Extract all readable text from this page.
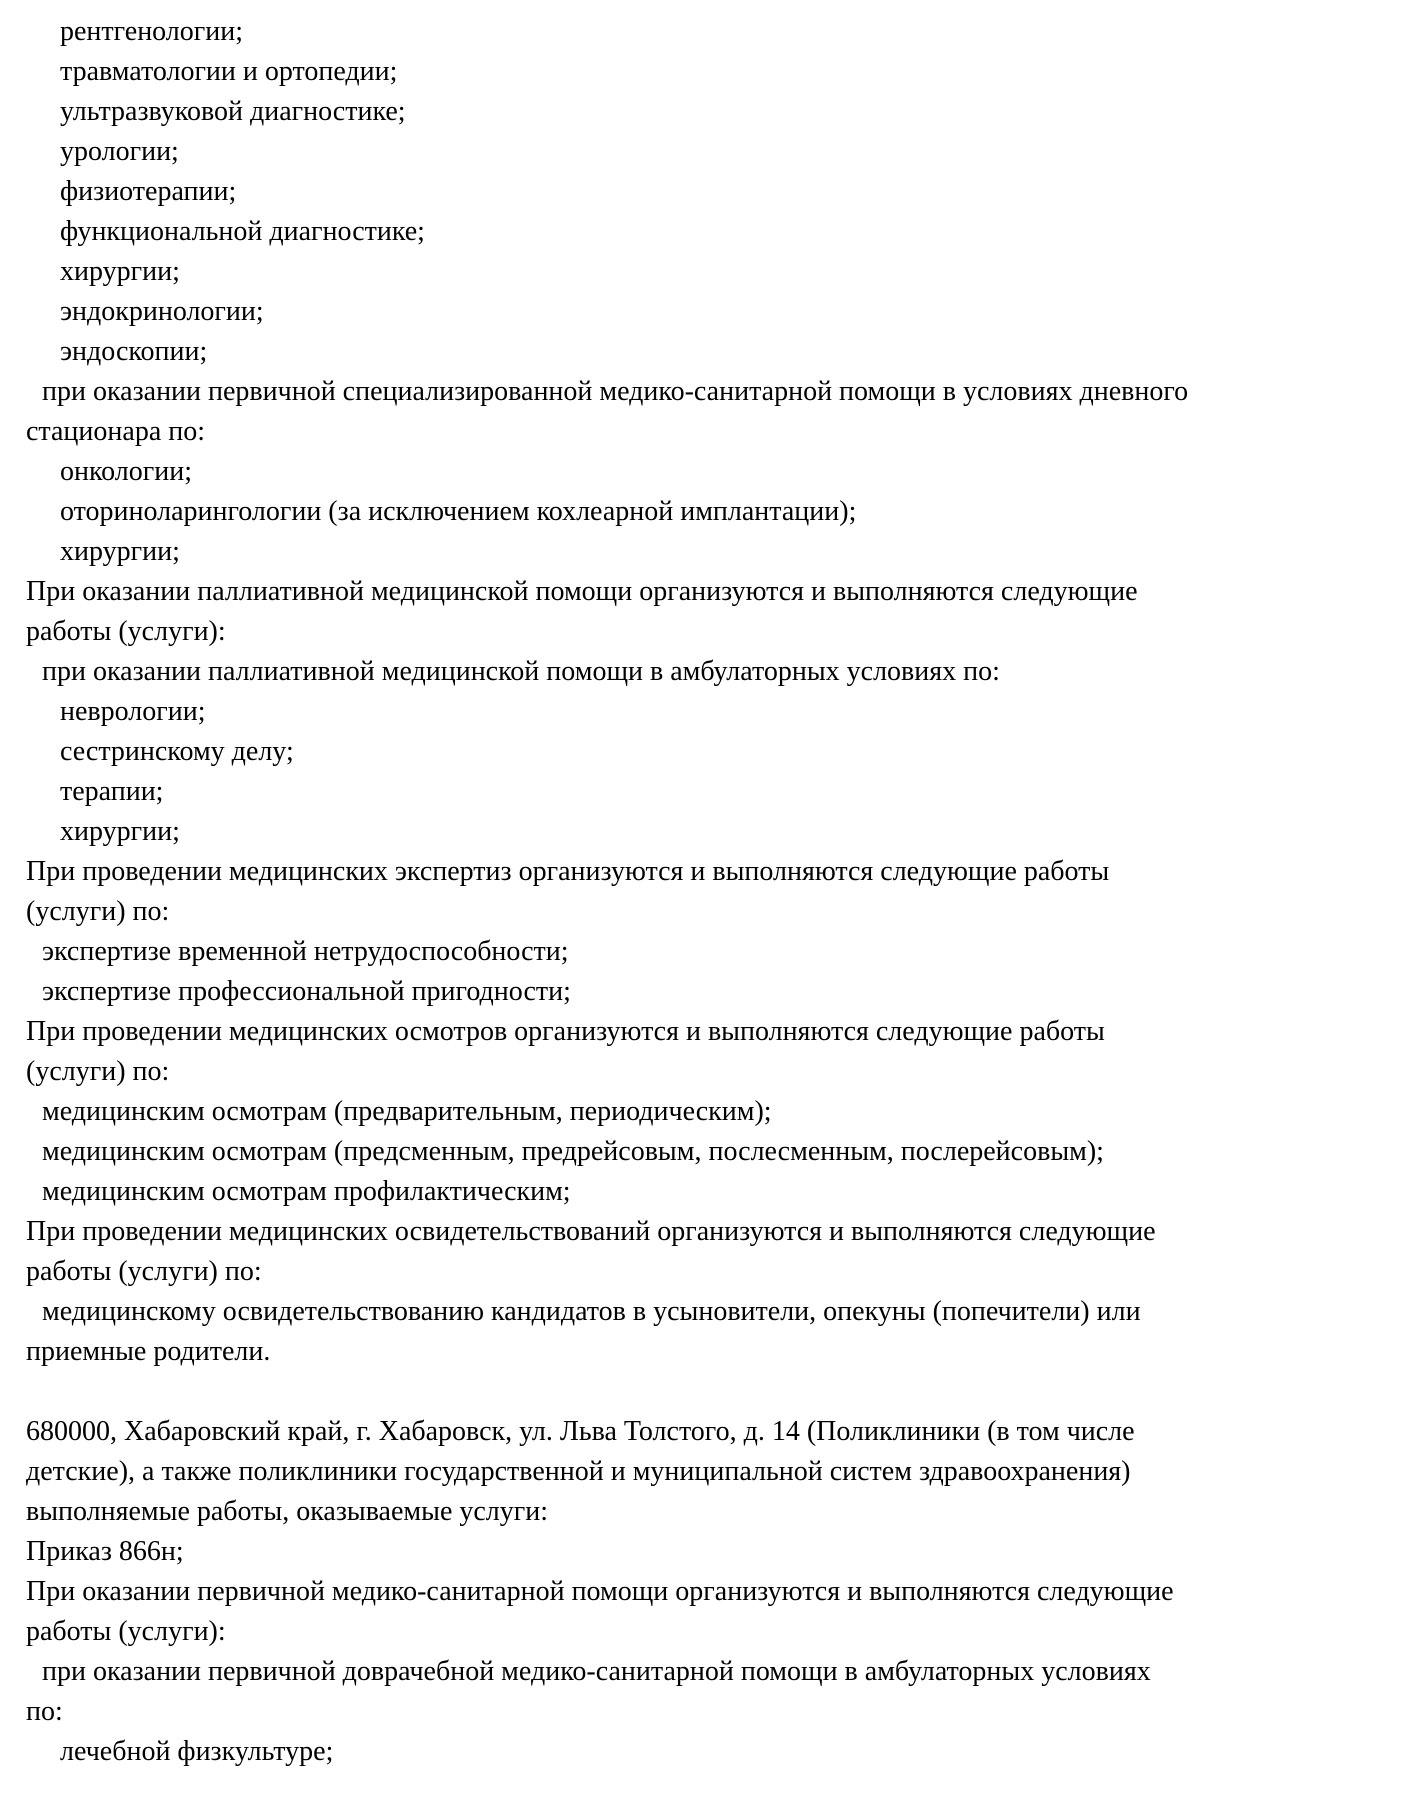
рентгенологии;
травматологии и ортопедии;
ультразвуковой диагностике;
урологии;
физиотерапии;
функциональной диагностике;
хирургии;
эндокринологии;
эндоскопии;
при оказании первичной специализированной медико-санитарной помощи в условиях дневного
стационара по:
онкологии;
оториноларингологии (за исключением кохлеарной имплантации);
хирургии;
При оказании паллиативной медицинской помощи организуются и выполняются следующие
работы (услуги):
при оказании паллиативной медицинской помощи в амбулаторных условиях по:
неврологии;
сестринскому делу;
терапии;
хирургии;
При проведении медицинских экспертиз организуются и выполняются следующие работы
(услуги) по:
экспертизе временной нетрудоспособности;
экспертизе профессиональной пригодности;
При проведении медицинских осмотров организуются и выполняются следующие работы
(услуги) по:
медицинским осмотрам (предварительным, периодическим);
медицинским осмотрам (предсменным, предрейсовым, послесменным, послерейсовым);
медицинским осмотрам профилактическим;
При проведении медицинских освидетельствований организуются и выполняются следующие
работы (услуги) по:
медицинскому освидетельствованию кандидатов в усыновители, опекуны (попечители) или
приемные родители.
680000, Хабаровский край, г. Хабаровск, ул. Льва Толстого, д. 14 (Поликлиники (в том числе
детские), а также поликлиники государственной и муниципальной систем здравоохранения)
выполняемые работы, оказываемые услуги:
Приказ 866н;
При оказании первичной медико-санитарной помощи организуются и выполняются следующие
работы (услуги):
при оказании первичной доврачебной медико-санитарной помощи в амбулаторных условиях
по:
лечебной физкультуре;
